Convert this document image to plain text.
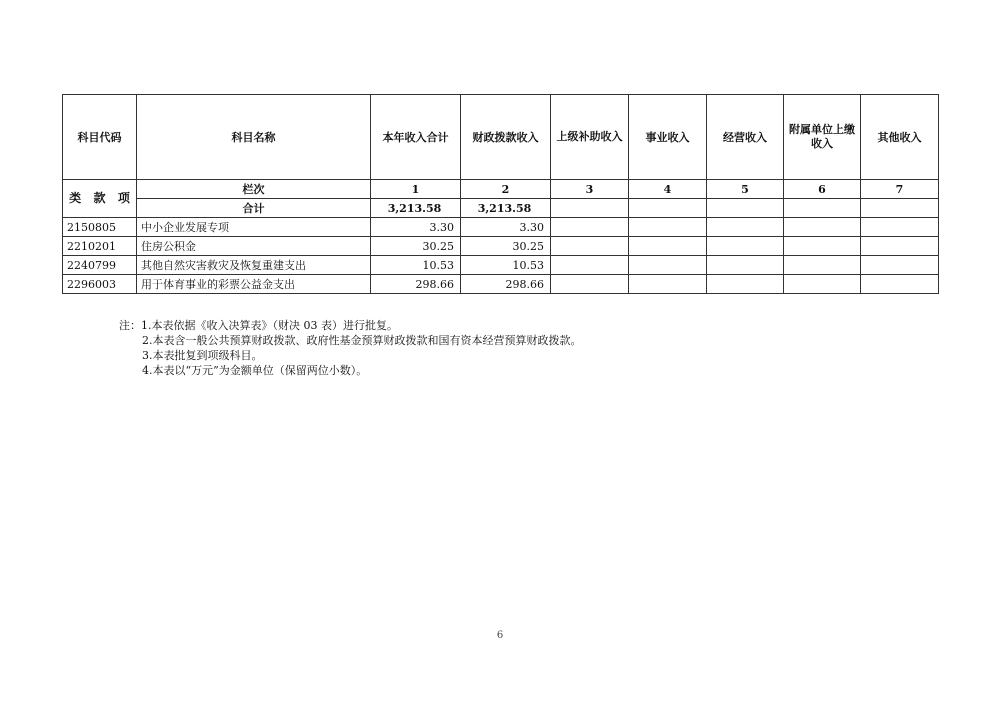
科目代码	科目名称	本年收入合计	财政拨款收入	上级补助收入	事业收入	经营收入	附属单位上缴收入	其他收入

类 款 项	栏次	1	2	3	4	5	6	7
	合计	3,213.58	3,213.58					
2150805	中小企业发展专项	3.30	3.30					
2210201	住房公积金	30.25	30.25					
2240799	其他自然灾害救灾及恢复重建支出	10.53	10.53					
2296003	用于体育事业的彩票公益金支出	298.66	298.66					
注：1.本表依据《收入决算表》（财决 03 表）进行批复。
2.本表含一般公共预算财政拨款、政府性基金预算财政拨款和国有资本经营预算财政拨款。
3.本表批复到项级科目。
4.本表以“万元”为金额单位（保留两位小数）。
6
